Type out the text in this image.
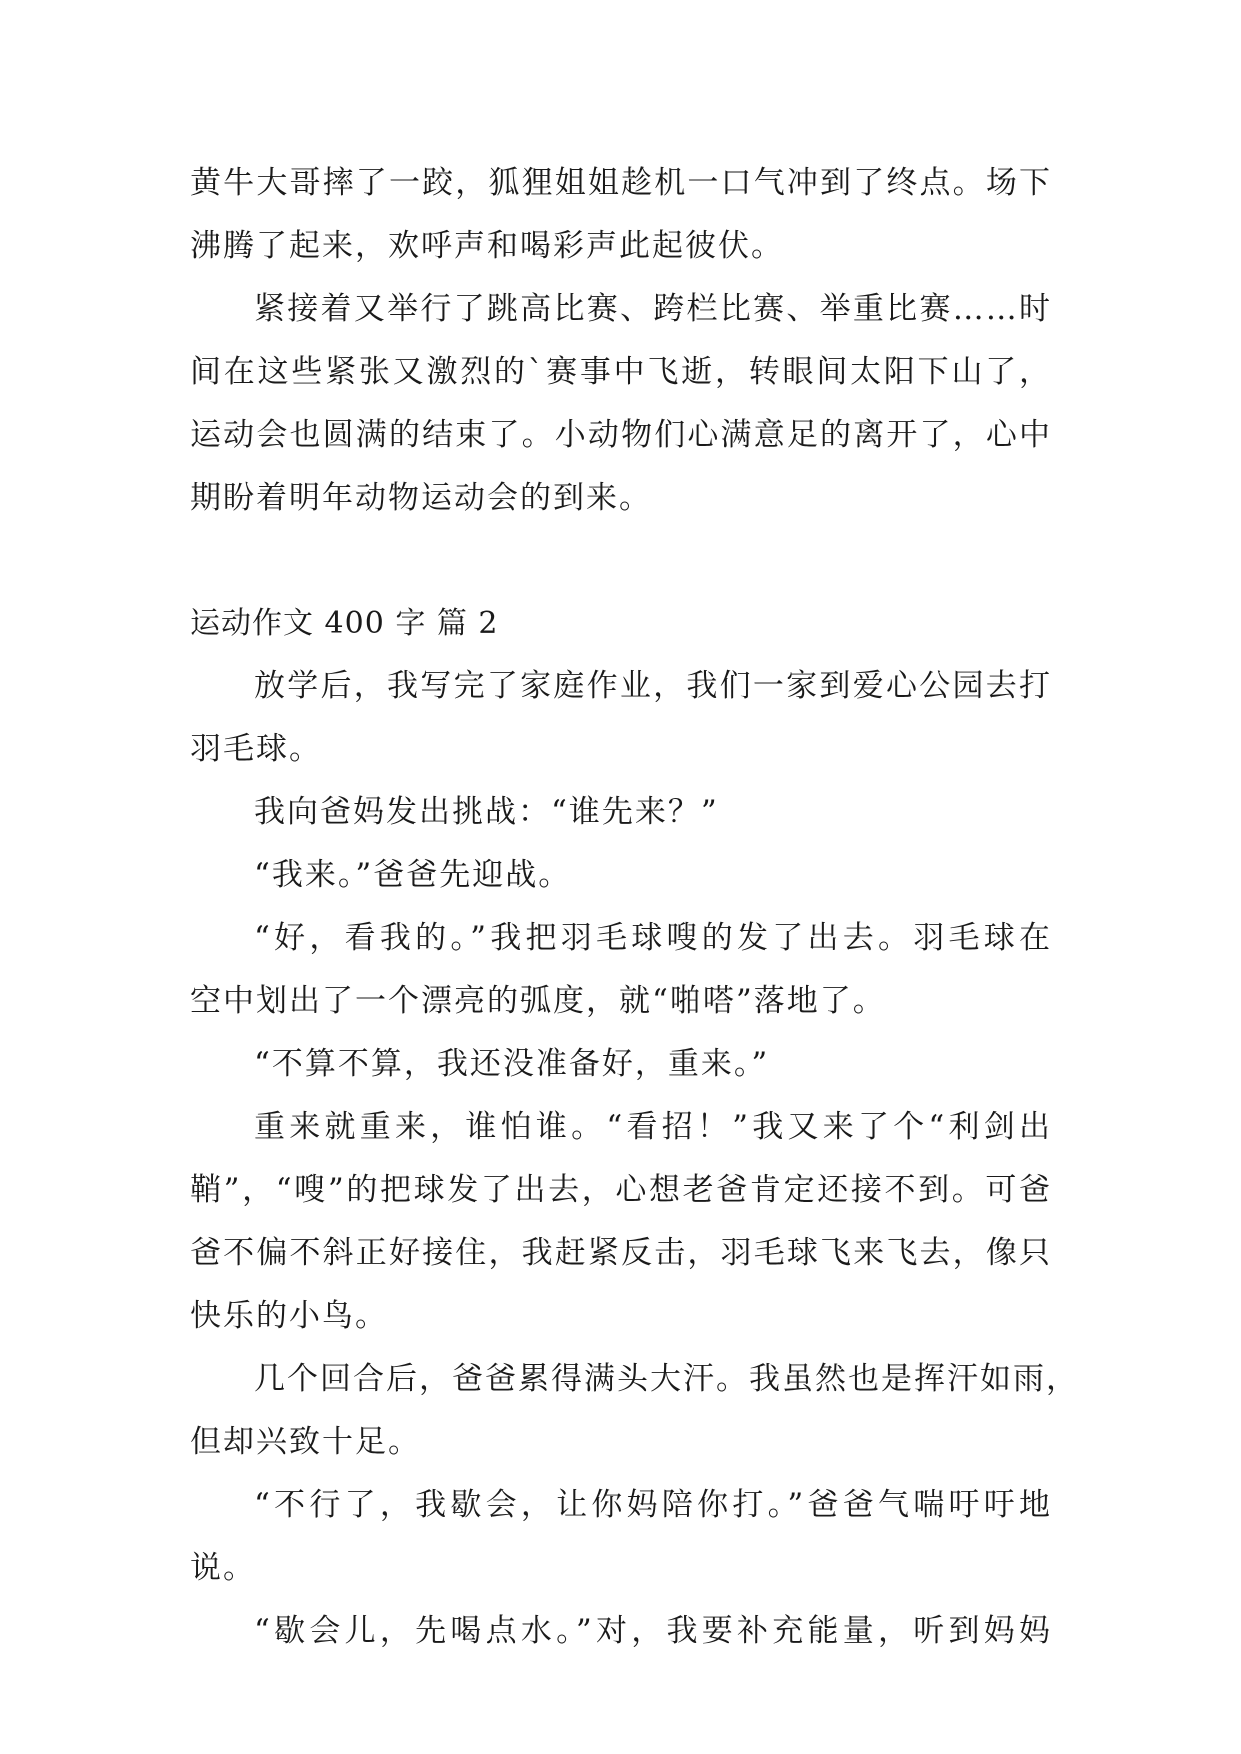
黄牛大哥摔了一跤，狐狸姐姐趁机一口气冲到了终点。场下
沸腾了起来，欢呼声和喝彩声此起彼伏。
紧接着又举行了跳高比赛、跨栏比赛、举重比赛……时
间在这些紧张又激烈的`赛事中飞逝，转眼间太阳下山了，
运动会也圆满的结束了。小动物们心满意足的离开了，心中
期盼着明年动物运动会的到来。
运动作文 400 字 篇 2
放学后，我写完了家庭作业，我们一家到爱心公园去打
羽毛球。
我向爸妈发出挑战：“谁先来？”
“我来。”爸爸先迎战。
“好，看我的。”我把羽毛球嗖的发了出去。羽毛球在
空中划出了一个漂亮的弧度，就“啪嗒”落地了。
“不算不算，我还没准备好，重来。”
重来就重来，谁怕谁。“看招！”我又来了个“利剑出
鞘”，“嗖”的把球发了出去，心想老爸肯定还接不到。可爸
爸不偏不斜正好接住，我赶紧反击，羽毛球飞来飞去，像只
快乐的小鸟。
几个回合后，爸爸累得满头大汗。我虽然也是挥汗如雨，
但却兴致十足。
“不行了，我歇会，让你妈陪你打。”爸爸气喘吁吁地
说。
“歇会儿，先喝点水。”对，我要补充能量，听到妈妈
